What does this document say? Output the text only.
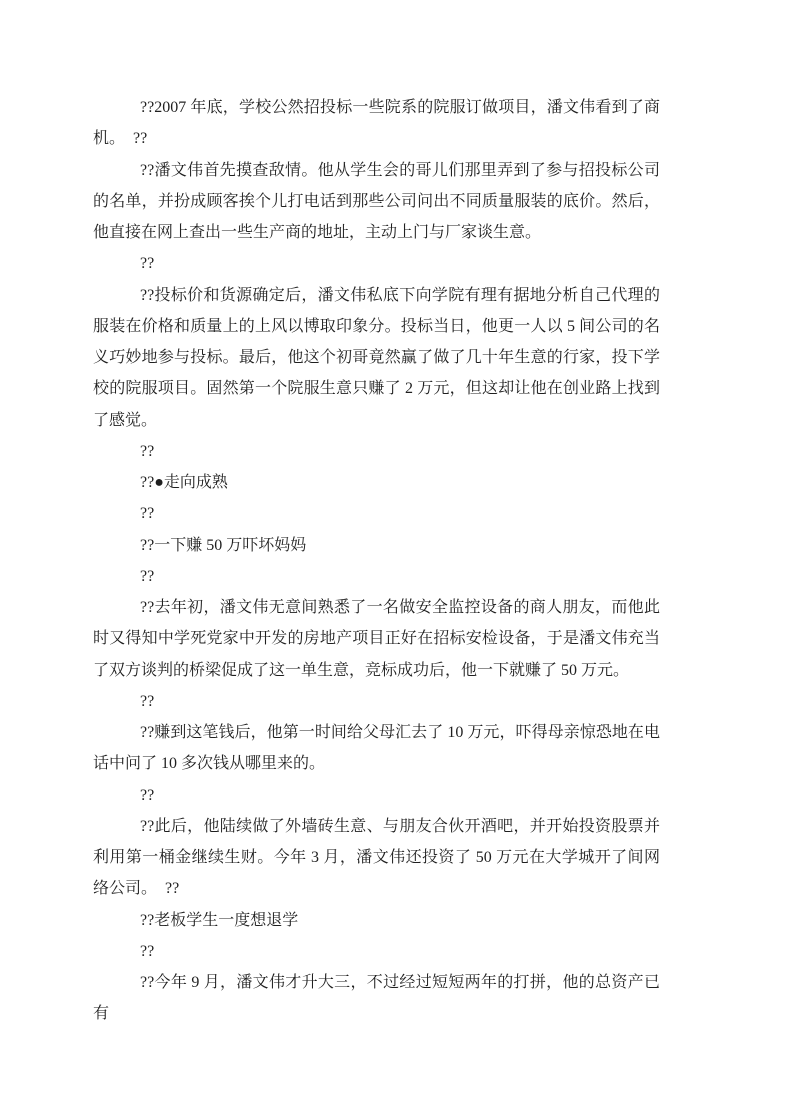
??2007 年底，学校公然招投标一些院系的院服订做项目，潘文伟看到了商机。　??

??潘文伟首先摸查敌情。他从学生会的哥儿们那里弄到了参与招投标公司的名单，并扮成顾客挨个儿打电话到那些公司问出不同质量服装的底价。然后，他直接在网上查出一些生产商的地址，主动上门与厂家谈生意。

??

??投标价和货源确定后，潘文伟私底下向学院有理有据地分析自己代理的服装在价格和质量上的上风以博取印象分。投标当日，他更一人以 5 间公司的名义巧妙地参与投标。最后，他这个初哥竟然赢了做了几十年生意的行家，投下学校的院服项目。固然第一个院服生意只赚了 2 万元，但这却让他在创业路上找到了感觉。

??

??●走向成熟

??

??一下赚 50 万吓坏妈妈

??

??去年初，潘文伟无意间熟悉了一名做安全监控设备的商人朋友，而他此时又得知中学死党家中开发的房地产项目正好在招标安检设备，于是潘文伟充当了双方谈判的桥梁促成了这一单生意，竞标成功后，他一下就赚了 50 万元。

??

??赚到这笔钱后，他第一时间给父母汇去了 10 万元，吓得母亲惊恐地在电话中问了 10 多次钱从哪里来的。

??

??此后，他陆续做了外墙砖生意、与朋友合伙开酒吧，并开始投资股票并利用第一桶金继续生财。今年 3 月，潘文伟还投资了 50 万元在大学城开了间网络公司。　??

??老板学生一度想退学

??

??今年 9 月，潘文伟才升大三，不过经过短短两年的打拼，他的总资产已有
